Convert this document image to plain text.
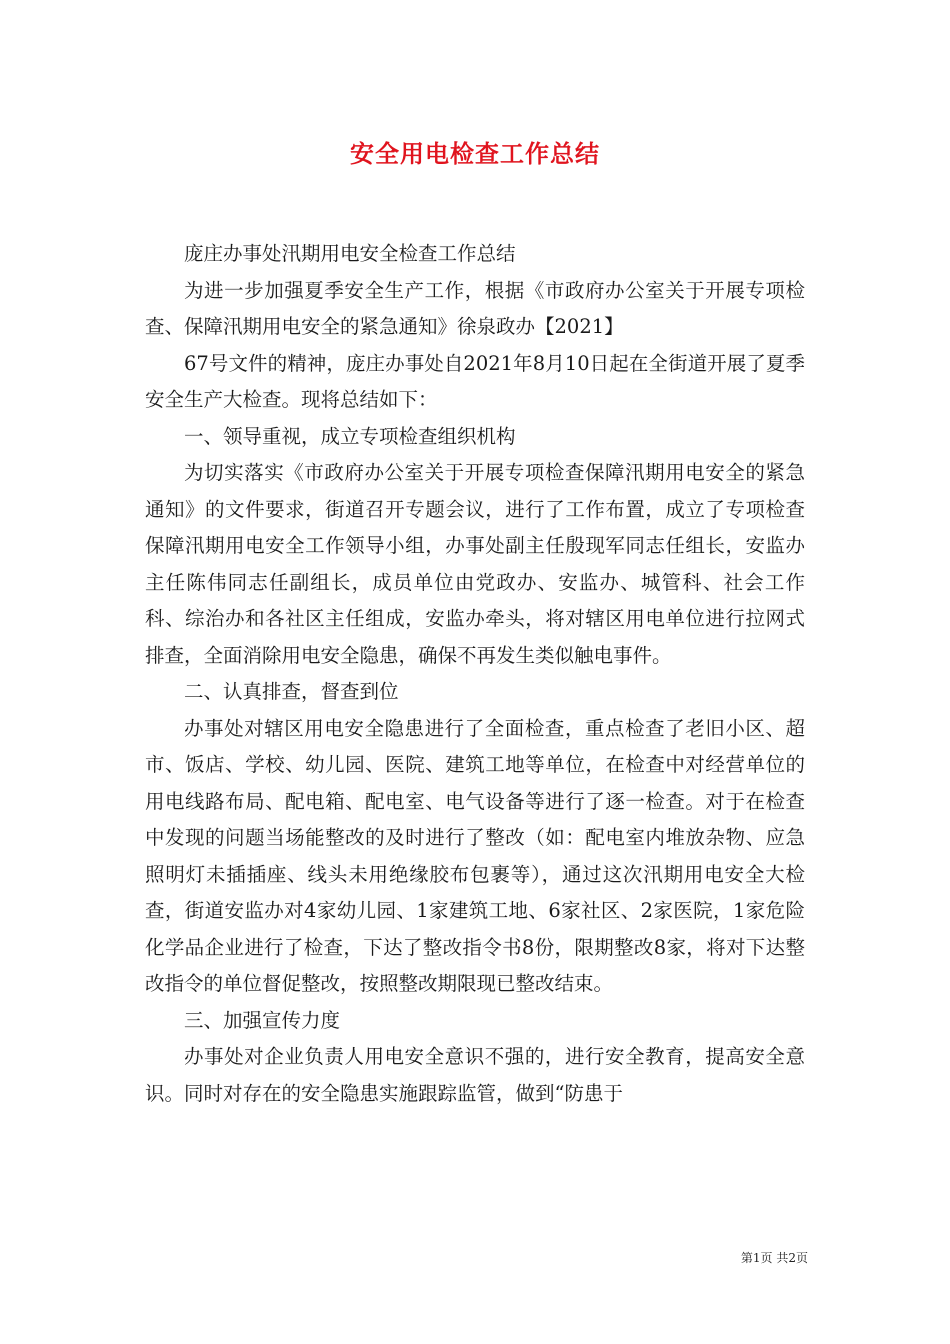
安全用电检查工作总结

庞庄办事处汛期用电安全检查工作总结

为进一步加强夏季安全生产工作，根据《市政府办公室关于开展专项检查、保障汛期用电安全的紧急通知》徐泉政办【2021】

67号文件的精神，庞庄办事处自2021年8月10日起在全街道开展了夏季安全生产大检查。现将总结如下：

一、领导重视，成立专项检查组织机构

为切实落实《市政府办公室关于开展专项检查保障汛期用电安全的紧急通知》的文件要求，街道召开专题会议，进行了工作布置，成立了专项检查保障汛期用电安全工作领导小组，办事处副主任殷现军同志任组长，安监办主任陈伟同志任副组长，成员单位由党政办、安监办、城管科、社会工作科、综治办和各社区主任组成，安监办牵头，将对辖区用电单位进行拉网式排查，全面消除用电安全隐患，确保不再发生类似触电事件。

二、认真排查，督查到位

办事处对辖区用电安全隐患进行了全面检查，重点检查了老旧小区、超市、饭店、学校、幼儿园、医院、建筑工地等单位，在检查中对经营单位的用电线路布局、配电箱、配电室、电气设备等进行了逐一检查。对于在检查中发现的问题当场能整改的及时进行了整改（如：配电室内堆放杂物、应急照明灯未插插座、线头未用绝缘胶布包裹等），通过这次汛期用电安全大检查，街道安监办对4家幼儿园、1家建筑工地、6家社区、2家医院，1家危险化学品企业进行了检查，下达了整改指令书8份，限期整改8家，将对下达整改指令的单位督促整改，按照整改期限现已整改结束。

三、加强宣传力度

办事处对企业负责人用电安全意识不强的，进行安全教育，提高安全意识。同时对存在的安全隐患实施跟踪监管，做到“防患于

第1页 共2页
